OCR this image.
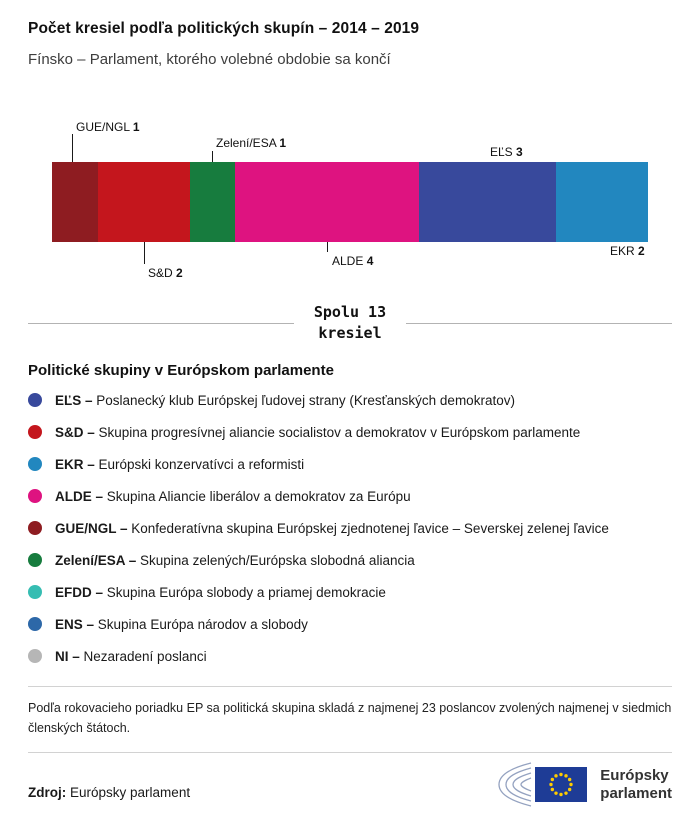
Počet kresiel podľa politických skupín – 2014 – 2019
Fínsko – Parlament, ktorého volebné obdobie sa končí
GUE/NGL 1
S&D 2
Zelení/ESA 1
ALDE 4
EĽS 3
EKR 2
Spolu 13
kresiel
Politické skupiny v Európskom parlamente
EĽS – Poslanecký klub Európskej ľudovej strany (Kresťanských demokratov)
S&D – Skupina progresívnej aliancie socialistov a demokratov v Európskom parlamente
EKR – Európski konzervatívci a reformisti
ALDE – Skupina Aliancie liberálov a demokratov za Európu
GUE/NGL – Konfederatívna skupina Európskej zjednotenej ľavice – Severskej zelenej ľavice
Zelení/ESA – Skupina zelených/Európska slobodná aliancia
EFDD – Skupina Európa slobody a priamej demokracie
ENS – Skupina Európa národov a slobody
NI – Nezaradení poslanci

Podľa rokovacieho poriadku EP sa politická skupina skladá z najmenej 23 poslancov zvolených najmenej v siedmich členských štátoch.

Zdroj: Európsky parlament

Európsky
parlament
